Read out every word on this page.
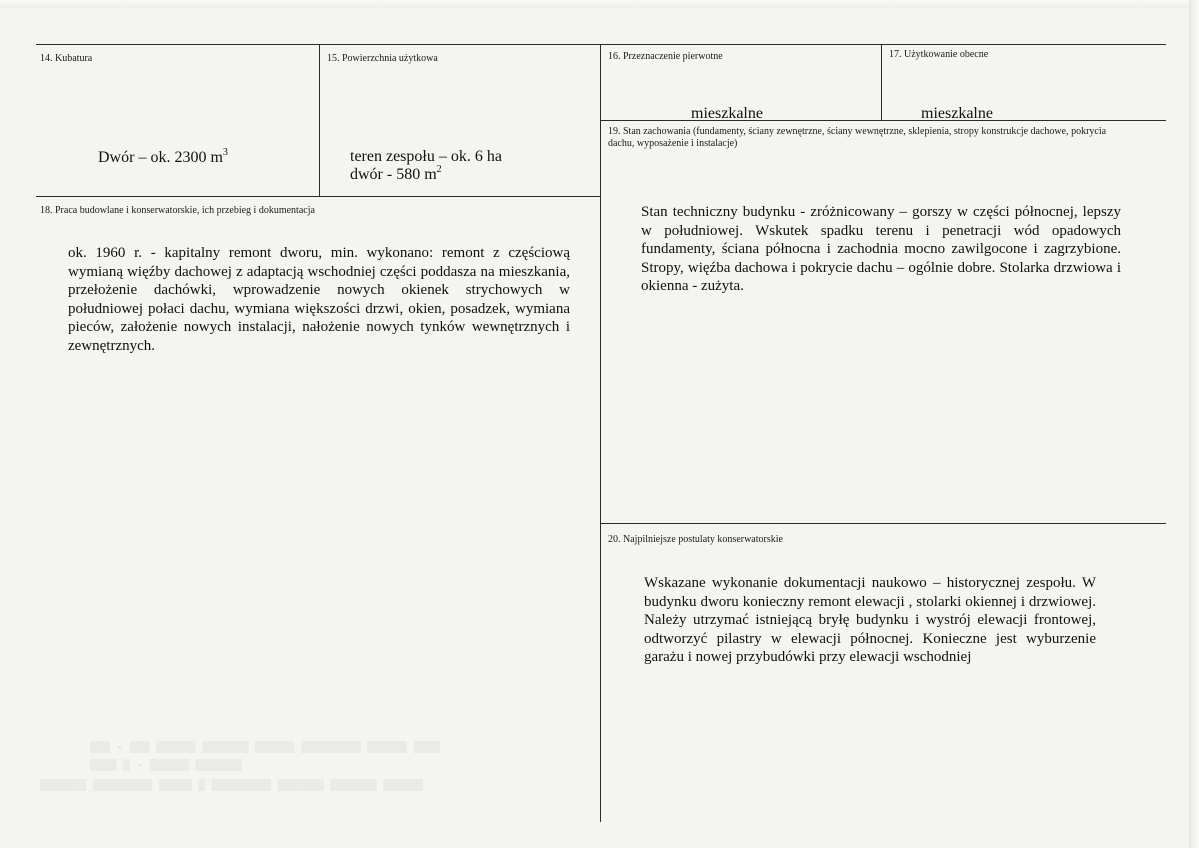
▒▒▒ - ▒▒▒ ▒▒▒▒▒▒ ▒▒▒▒▒▒▒ ▒▒▒▒▒▒ ▒▒▒▒▒▒▒▒▒ ▒▒▒▒▒▒ ▒▒▒▒
▒▒▒▒ ▒ - ▒▒▒▒▒▒ ▒▒▒▒▒▒▒
▒▒▒▒▒▒▒ ▒▒▒▒▒▒▒▒▒ ▒▒▒▒▒ ▒ ▒▒▒▒▒▒▒▒▒ ▒▒▒▒▒▒▒ ▒▒▒▒▒▒▒ ▒▒▒▒▒▒
14. Kubatura
Dwór – ok. 2300 $m^3$
15. Powierzchnia użytkowa
teren zespołu – ok. 6 ha
dwór - 580 $m^2$
16. Przeznaczenie pierwotne
mieszkalne
17. Użytkowanie obecne
mieszkalne
18. Praca budowlane i konserwatorskie, ich przebieg i dokumentacja
ok. 1960 r. - kapitalny remont dworu, min. wykonano: remont z częściową wymianą więźby dachowej z adaptacją wschodniej części poddasza na mieszkania, przełożenie dachówki, wprowadzenie nowych okienek strychowych w południowej połaci dachu, wymiana większości drzwi, okien, posadzek, wymiana pieców, założenie nowych instalacji, nałożenie nowych tynków wewnętrznych i zewnętrznych.
19. Stan zachowania (fundamenty, ściany zewnętrzne, ściany wewnętrzne, sklepienia, stropy konstrukcje dachowe, pokrycia dachu, wyposażenie i instalacje)
Stan techniczny budynku - zróżnicowany – gorszy w części północnej, lepszy w południowej. Wskutek spadku terenu i penetracji wód opadowych fundamenty, ściana północna i zachodnia mocno zawilgocone i zagrzybione. Stropy, więźba dachowa i pokrycie dachu – ogólnie dobre. Stolarka drzwiowa i okienna - zużyta.
20. Najpilniejsze postulaty konserwatorskie
Wskazane wykonanie dokumentacji naukowo – historycznej zespołu. W budynku dworu konieczny remont elewacji , stolarki okiennej i drzwiowej. Należy utrzymać istniejącą bryłę budynku i wystrój elewacji frontowej, odtworzyć pilastry w elewacji północnej. Konieczne jest wyburzenie garażu i nowej przybudówki przy elewacji wschodniej
